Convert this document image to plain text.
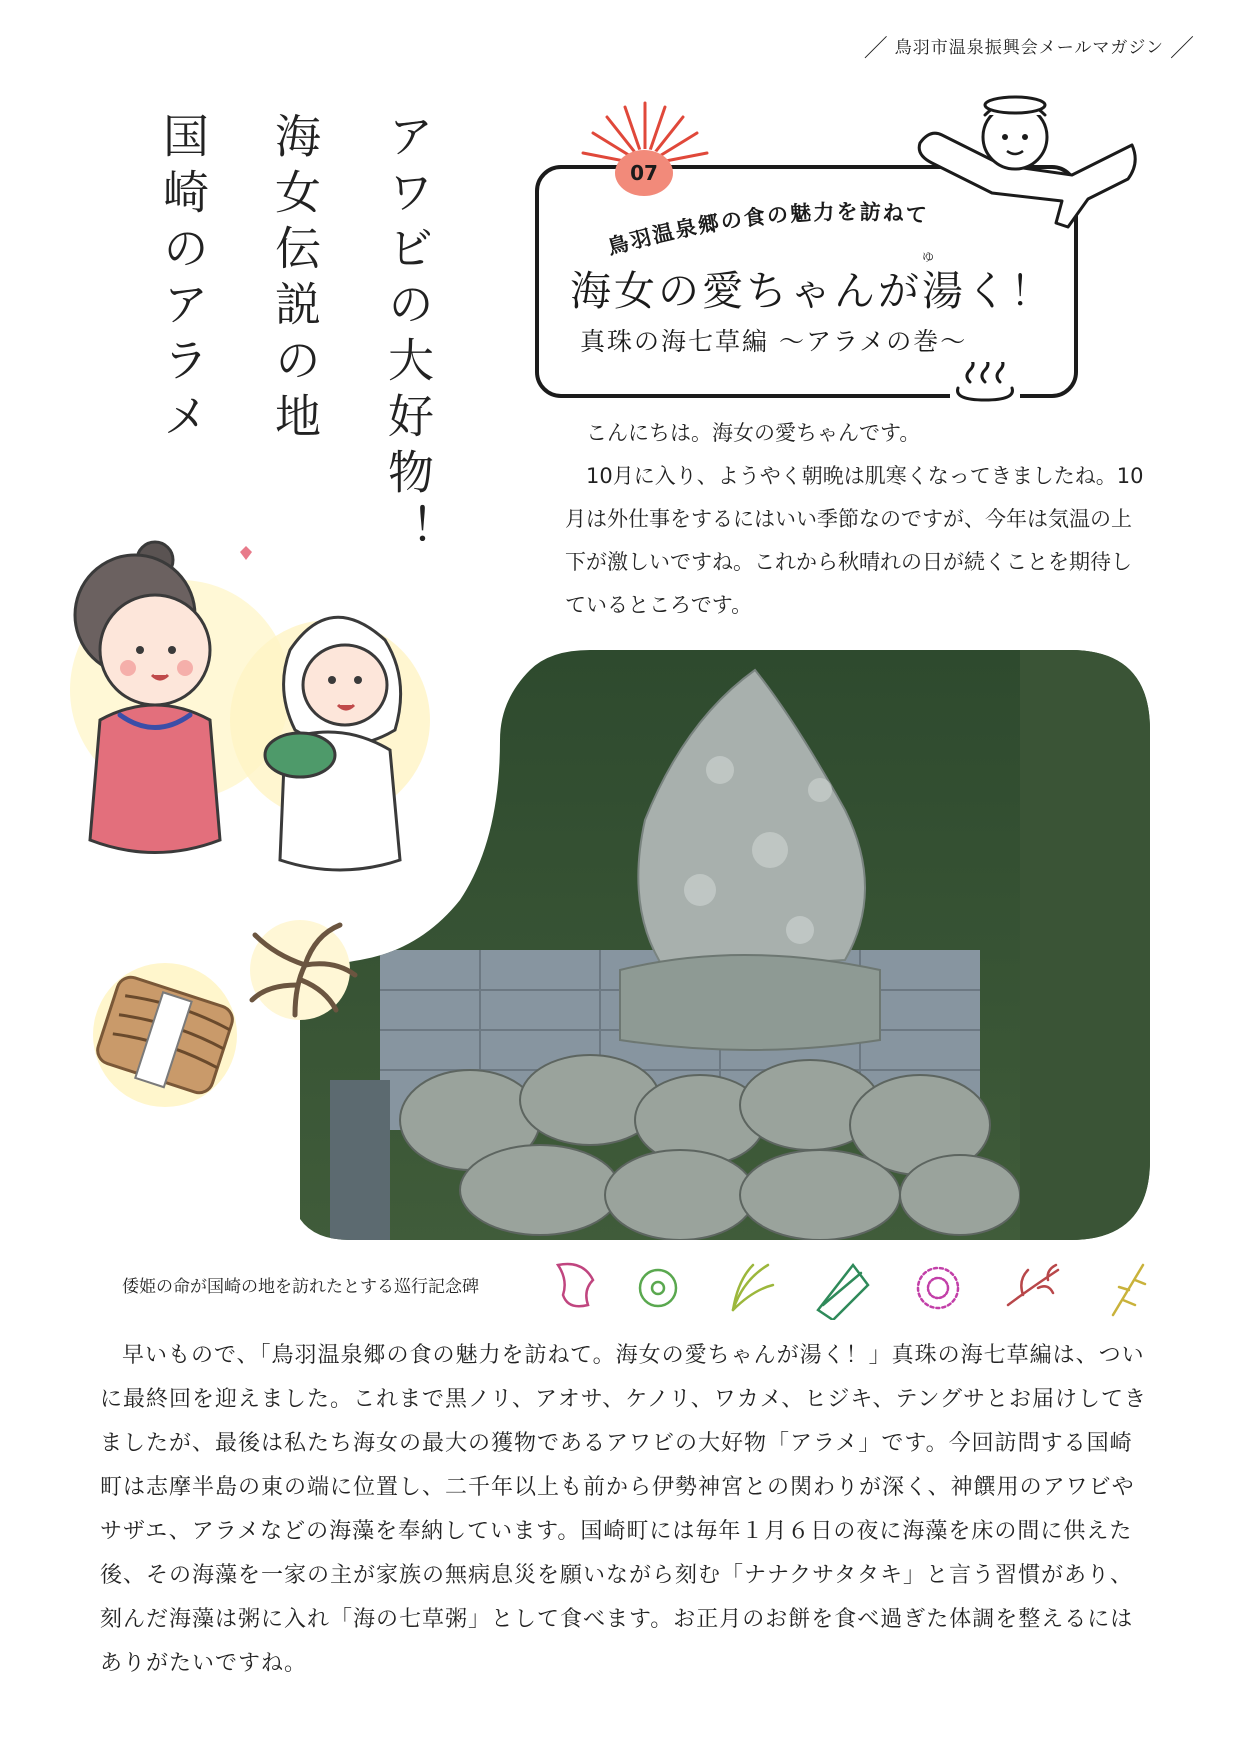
／ 鳥羽市温泉振興会メールマガジン ／
アワビの大好物！
海女伝説の地
国崎のアラメ	07
鳥羽温泉郷の食の魅力を訪ねて
ゆ
海女の愛ちゃんが湯く！
真珠の海七草編 ～アラメの巻～

こんにちは。海女の愛ちゃんです。

10月に入り、ようやく朝晩は肌寒くなってきましたね。10月は外仕事をするにはいい季節なのですが、今年は気温の上下が激しいですね。これから秋晴れの日が続くことを期待しているところです。

倭姫の命が国崎の地を訪れたとする巡行記念碑

早いもので、「鳥羽温泉郷の食の魅力を訪ねて。海女の愛ちゃんが湯く！」真珠の海七草編は、ついに最終回を迎えました。これまで黒ノリ、アオサ、ケノリ、ワカメ、ヒジキ、テングサとお届けしてきましたが、最後は私たち海女の最大の獲物であるアワビの大好物「アラメ」です。今回訪問する国崎町は志摩半島の東の端に位置し、二千年以上も前から伊勢神宮との関わりが深く、神饌用のアワビやサザエ、アラメなどの海藻を奉納しています。国崎町には毎年１月６日の夜に海藻を床の間に供えた後、その海藻を一家の主が家族の無病息災を願いながら刻む「ナナクサタタキ」と言う習慣があり、刻んだ海藻は粥に入れ「海の七草粥」として食べます。お正月のお餅を食べ過ぎた体調を整えるにはありがたいですね。
